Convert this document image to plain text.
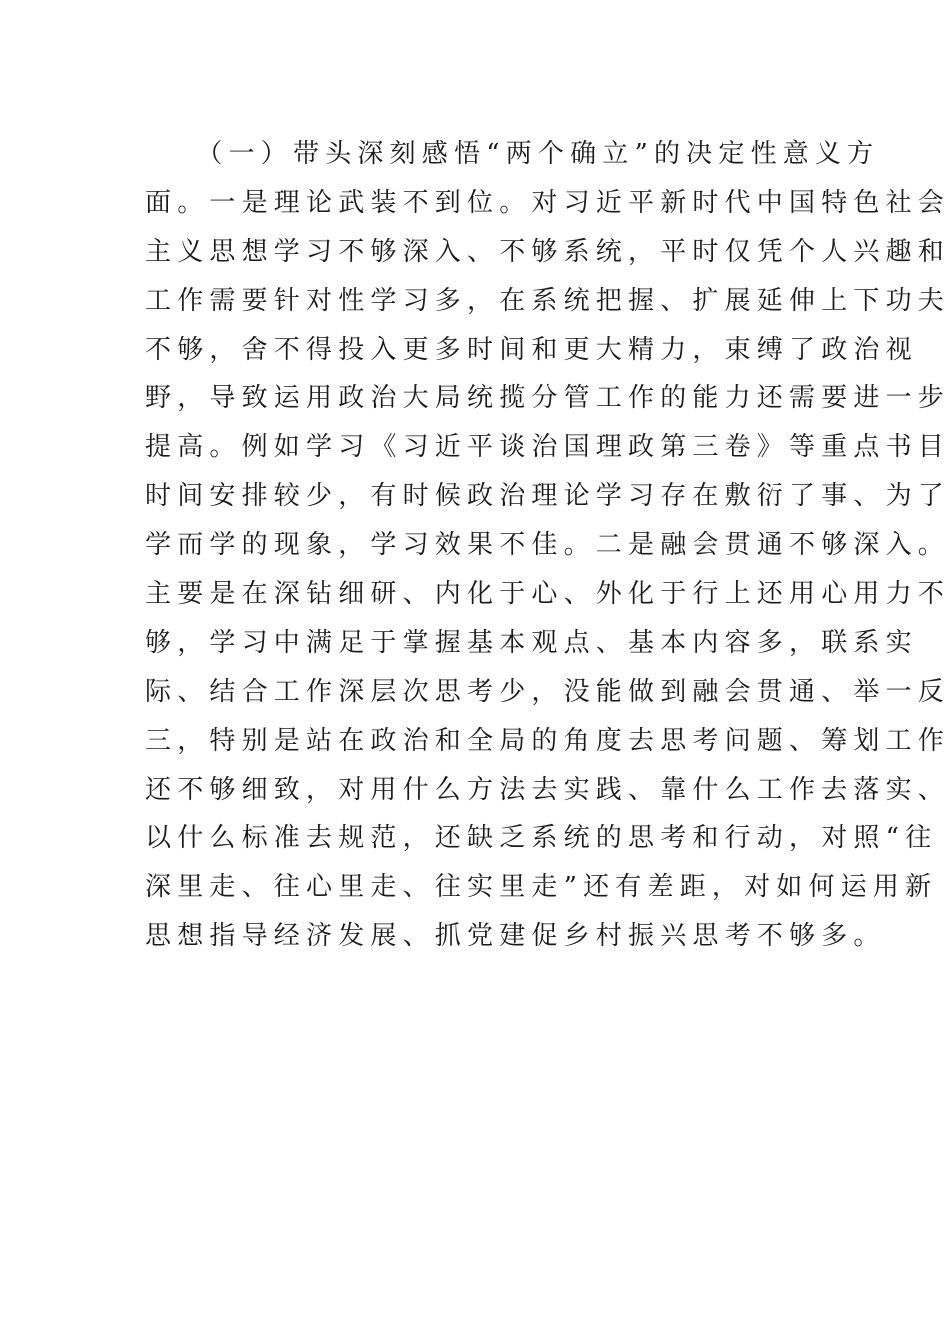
　　（一）带头深刻感悟“两个确立”的决定性意义方
面。一是理论武装不到位。对习近平新时代中国特色社会
主义思想学习不够深入、不够系统，平时仅凭个人兴趣和
工作需要针对性学习多，在系统把握、扩展延伸上下功夫
不够，舍不得投入更多时间和更大精力，束缚了政治视
野，导致运用政治大局统揽分管工作的能力还需要进一步
提高。例如学习《习近平谈治国理政第三卷》等重点书目
时间安排较少，有时候政治理论学习存在敷衍了事、为了
学而学的现象，学习效果不佳。二是融会贯通不够深入。
主要是在深钻细研、内化于心、外化于行上还用心用力不
够，学习中满足于掌握基本观点、基本内容多，联系实
际、结合工作深层次思考少，没能做到融会贯通、举一反
三，特别是站在政治和全局的角度去思考问题、筹划工作
还不够细致，对用什么方法去实践、靠什么工作去落实、
以什么标准去规范，还缺乏系统的思考和行动，对照“往
深里走、往心里走、往实里走”还有差距，对如何运用新
思想指导经济发展、抓党建促乡村振兴思考不够多。
